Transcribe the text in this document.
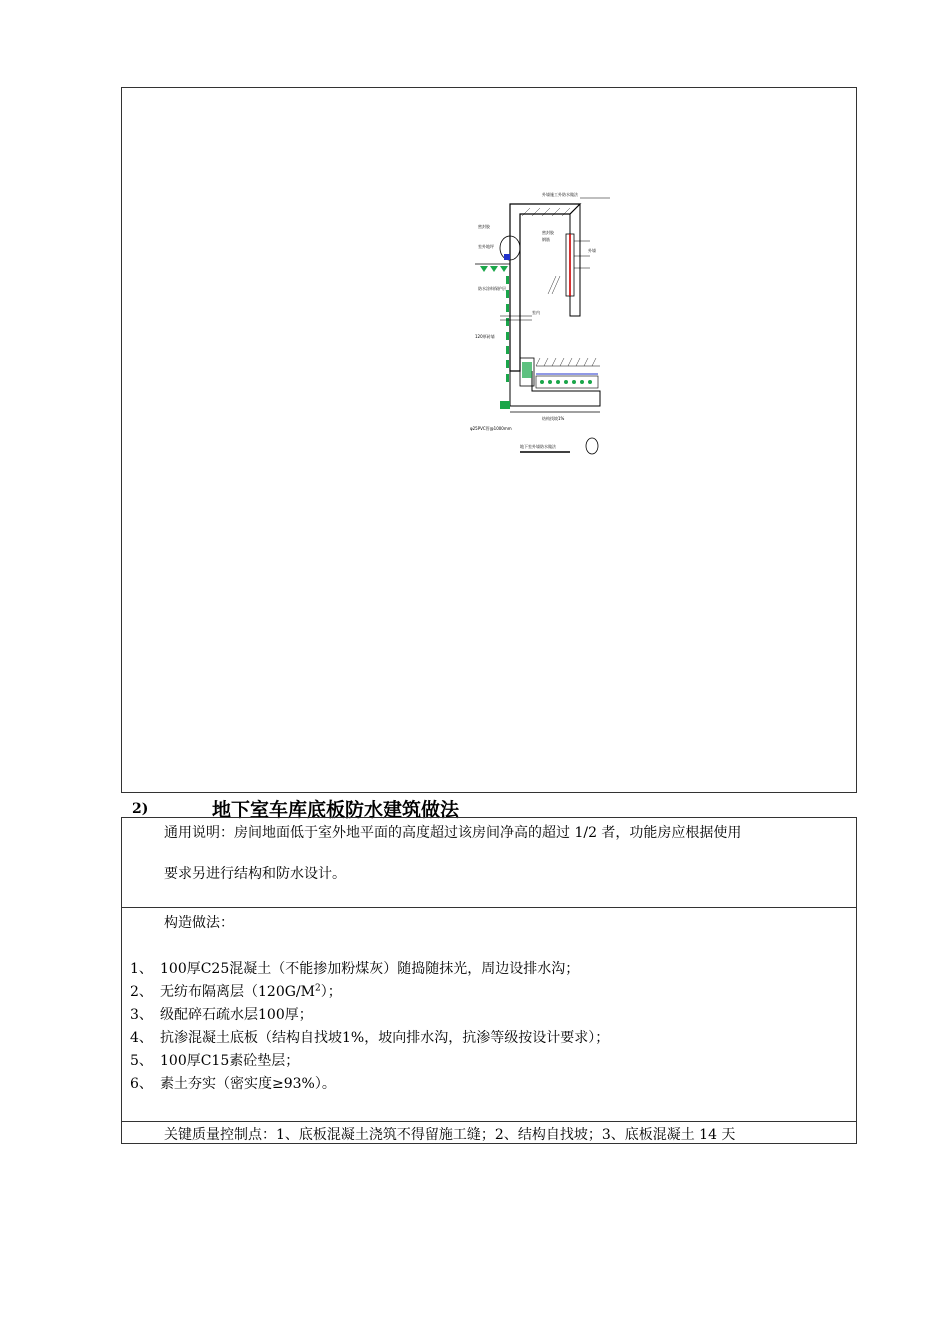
外墙施工外防水做法
密封胶
室外地坪
防水涂料保护层
120厚砖墙
φ25PVC管@1000mm
结构找坡1%
密封胶
钢筋
外墙
室内
地下室外墙防水做法
2)	地下室车库底板防水建筑做法
通用说明：房间地面低于室外地平面的高度超过该房间净高的超过 1/2 者，功能房应根据使用
要求另进行结构和防水设计。
构造做法：
1、 100厚C25混凝土（不能掺加粉煤灰）随捣随抹光，周边设排水沟；
2、 无纺布隔离层$(120G/M^2)$；
3、 级配碎石疏水层100厚；
4、 抗渗混凝土底板（结构自找坡1%，坡向排水沟，抗渗等级按设计要求）；
5、 100厚C15素砼垫层；
6、 素土夯实（密实度≥93%）。
关键质量控制点：1、底板混凝土浇筑不得留施工缝；2、结构自找坡；3、底板混凝土 14 天
